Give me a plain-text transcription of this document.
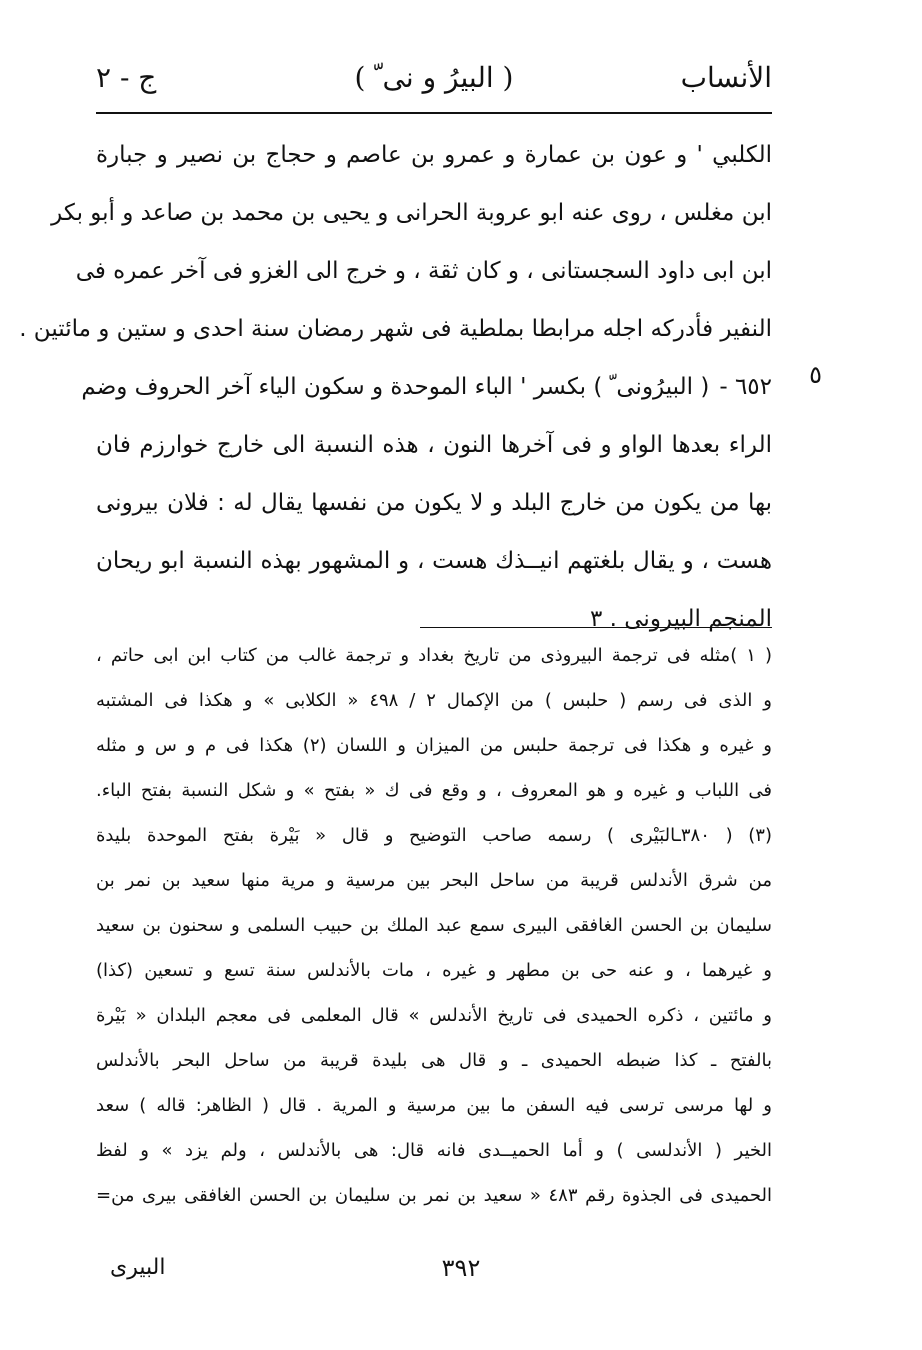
الأنساب
( البيرُ و نى ّ )
ج - ٢
الكلبي ' و عون بن عمارة و عمرو بن عاصم و حجاج بن نصير و جبارة
ابن مغلس ، روى عنه ابو عروبة الحرانى و يحيى بن محمد بن صاعد و أبو بكر
ابن ابى داود السجستانى ، و كان ثقة ، و خرج الى الغزو فى آخر عمره فى
النفير فأدركه اجله مرابطا بملطية فى شهر رمضان سنة احدى و ستين و مائتين .
٦٥٢ -( البيرُونى ّ ) بكسر ' الباء الموحدة و سكون الياء آخر الحروف وضم
الراء بعدها الواو و فى آخرها النون ، هذه النسبة الى خارج خوارزم فان
بها من يكون من خارج البلد و لا يكون من نفسها يقال له : فلان بيرونى
هست ، و يقال بلغتهم انيــذك هست ، و المشهور بهذه النسبة ابو ريحان
المنجم البيرونى . ٣
٥
( ١ )مثله فى ترجمة البيروذى من تاريخ بغداد و ترجمة غالب من كتاب ابن ابى حاتم ،
و الذى فى رسم ( حلبس ) من الإكمال ٢ / ٤٩٨ « الكلابى » و هكذا فى المشتبه
و غيره و هكذا فى ترجمة حلبس من الميزان و اللسان (٢) هكذا فى م و س و مثله
فى اللباب و غيره و هو المعروف ، و وقع فى ك « بفتح » و شكل النسبة بفتح الباء.
(٣) ( ٣٨٠ـالبَيْرى ) رسمه صاحب التوضيح و قال « بَيْرة بفتح الموحدة بليدة
من شرق الأندلس قريبة من ساحل البحر بين مرسية و مرية منها سعيد بن نمر بن
سليمان بن الحسن الغافقى البيرى سمع عبد الملك بن حبيب السلمى و سحنون بن سعيد
و غيرهما ، و عنه حى بن مطهر و غيره ، مات بالأندلس سنة تسع و تسعين (كذا)
و مائتين ، ذكره الحميدى فى تاريخ الأندلس » قال المعلمى فى معجم البلدان « بَيْرة
بالفتح ـ كذا ضبطه الحميدى ـ و قال هى بليدة قريبة من ساحل البحر بالأندلس
و لها مرسى ترسى فيه السفن ما بين مرسية و المرية . قال ( الظاهر: قاله ) سعد
الخير ( الأندلسى ) و أما الحميــدى فانه قال: هى بالأندلس ، ولم يزد » و لفظ
الحميدى فى الجذوة رقم ٤٨٣ « سعيد بن نمر بن سليمان بن الحسن الغافقى بيرى من=
٣٩٢
البيرى
